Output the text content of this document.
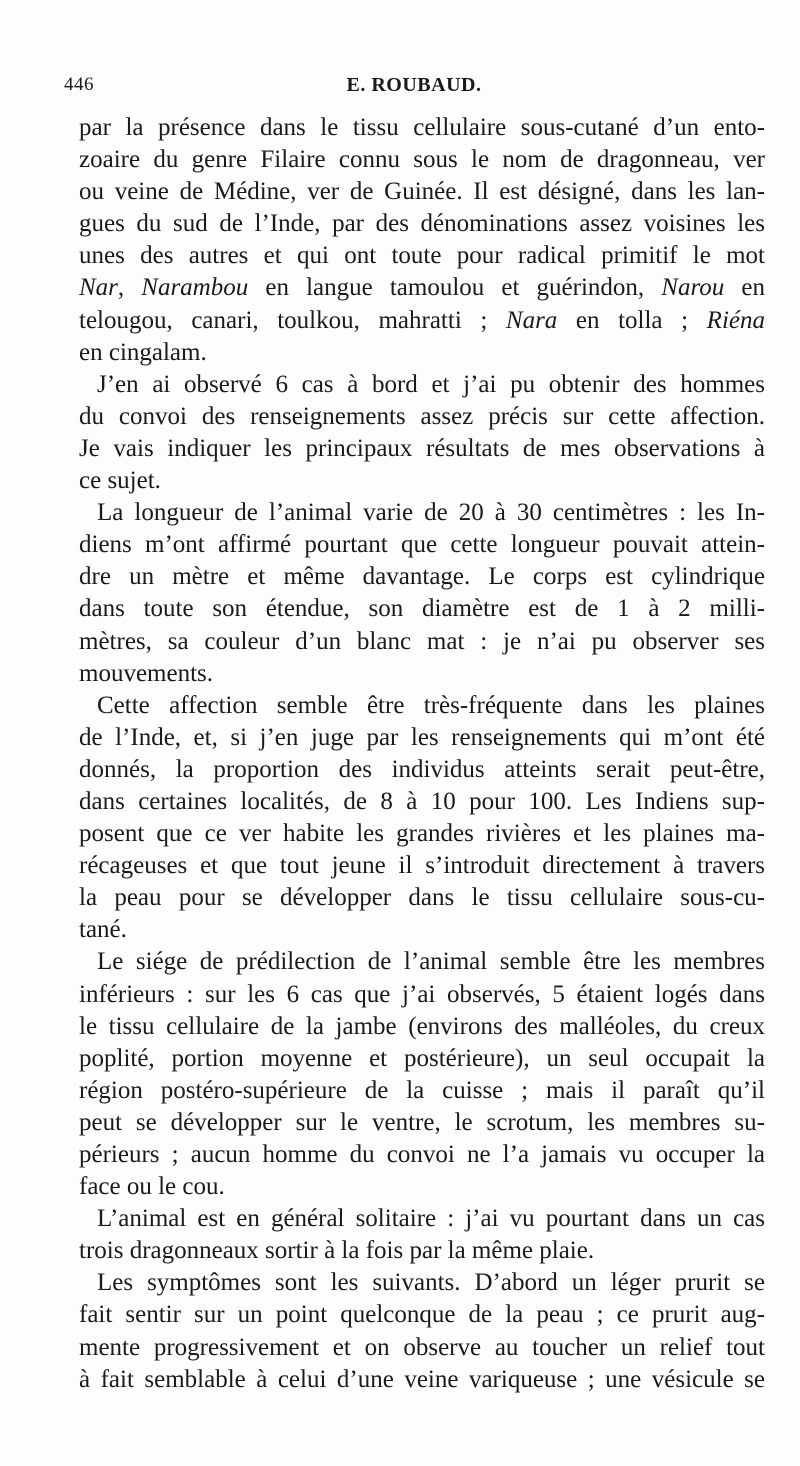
446	E. ROUBAUD.
par la présence dans le tissu cellulaire sous-cutané d’un ento-
zoaire du genre Filaire connu sous le nom de dragonneau, ver
ou veine de Médine, ver de Guinée. Il est désigné, dans les lan-
gues du sud de l’Inde, par des dénominations assez voisines les
unes des autres et qui ont toute pour radical primitif le mot
Nar, Narambou en langue tamoulou et guérindon, Narou en
telougou, canari, toulkou, mahratti ; Nara en tolla ; Riéna
en cingalam.
J’en ai observé 6 cas à bord et j’ai pu obtenir des hommes
du convoi des renseignements assez précis sur cette affection.
Je vais indiquer les principaux résultats de mes observations à
ce sujet.
La longueur de l’animal varie de 20 à 30 centimètres : les In-
diens m’ont affirmé pourtant que cette longueur pouvait attein-
dre un mètre et même davantage. Le corps est cylindrique
dans toute son étendue, son diamètre est de 1 à 2 milli-
mètres, sa couleur d’un blanc mat : je n’ai pu observer ses
mouvements.
Cette affection semble être très-fréquente dans les plaines
de l’Inde, et, si j’en juge par les renseignements qui m’ont été
donnés, la proportion des individus atteints serait peut-être,
dans certaines localités, de 8 à 10 pour 100. Les Indiens sup-
posent que ce ver habite les grandes rivières et les plaines ma-
récageuses et que tout jeune il s’introduit directement à travers
la peau pour se développer dans le tissu cellulaire sous-cu-
tané.
Le siége de prédilection de l’animal semble être les membres
inférieurs : sur les 6 cas que j’ai observés, 5 étaient logés dans
le tissu cellulaire de la jambe (environs des malléoles, du creux
poplité, portion moyenne et postérieure), un seul occupait la
région postéro-supérieure de la cuisse ; mais il paraît qu’il
peut se développer sur le ventre, le scrotum, les membres su-
périeurs ; aucun homme du convoi ne l’a jamais vu occuper la
face ou le cou.
L’animal est en général solitaire : j’ai vu pourtant dans un cas
trois dragonneaux sortir à la fois par la même plaie.
Les symptômes sont les suivants. D’abord un léger prurit se
fait sentir sur un point quelconque de la peau ; ce prurit aug-
mente progressivement et on observe au toucher un relief tout
à fait semblable à celui d’une veine variqueuse ; une vésicule se
